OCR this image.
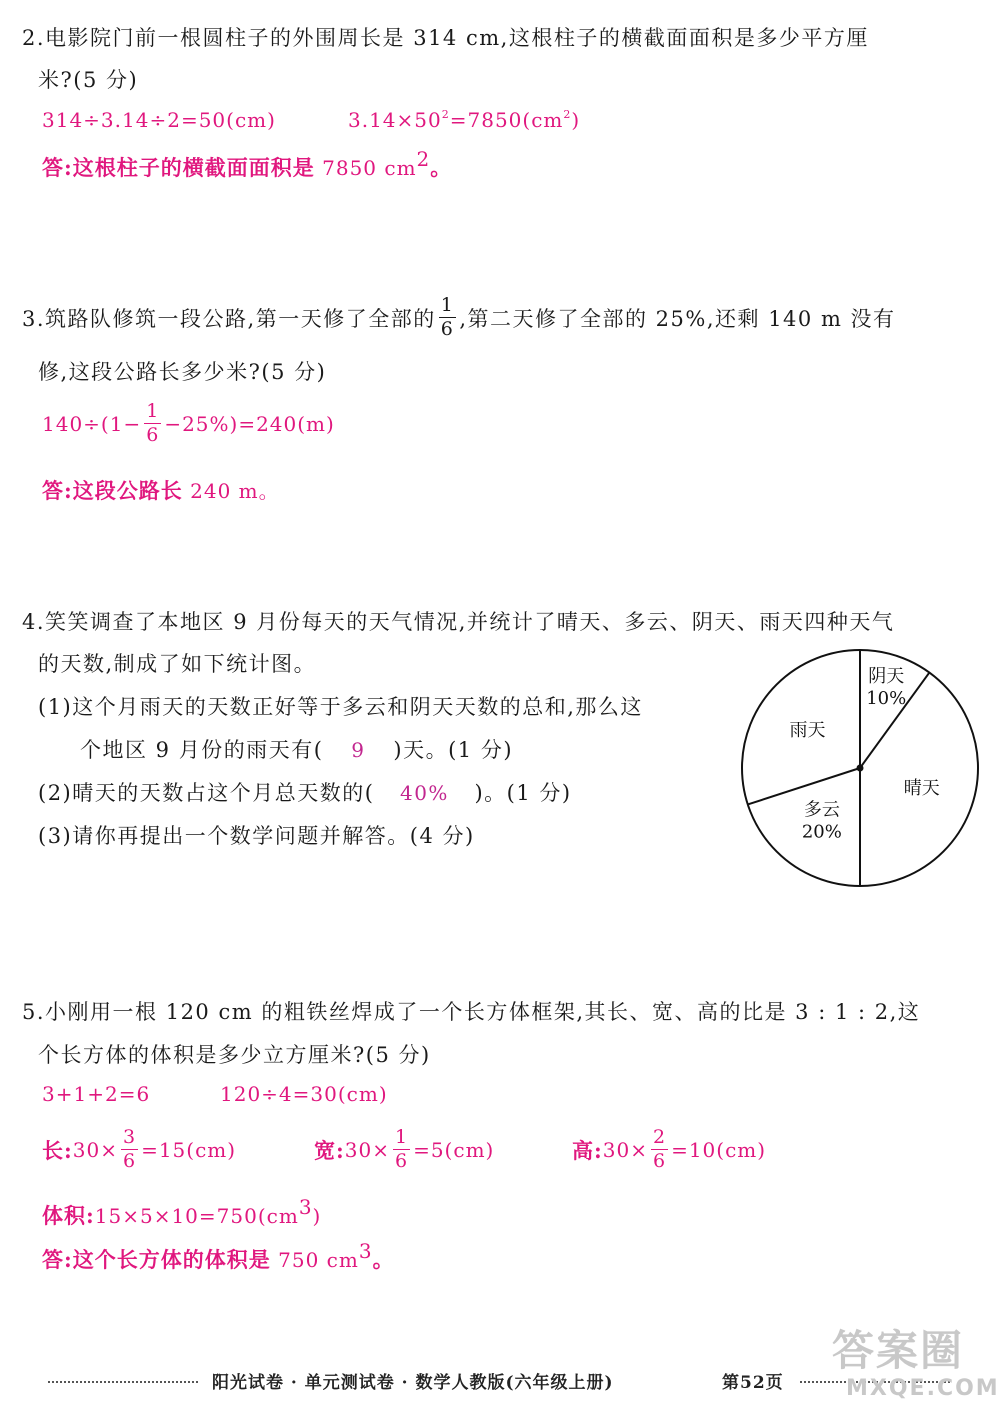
2.电影院门前一根圆柱子的外围周长是 314 cm,这根柱子的横截面面积是多少平方厘
米?(5 分)
314÷3.14÷2=50(cm)	$3.14\times 50^2=7850(cm^2)$
答:这根柱子的横截面面积是 7850 $cm^2$。
3.筑路队修筑一段公路,第一天修了全部的 $\frac{1}{6}$ ,第二天修了全部的 25%,还剩 140 m 没有
修,这段公路长多少米?(5 分)
$140\div(1- \frac{1}{6} -25\%)=240(m)$
答:这段公路长 240 m。
4.笑笑调查了本地区 9 月份每天的天气情况,并统计了晴天、多云、阴天、雨天四种天气
的天数,制成了如下统计图。
(1)这个月雨天的天数正好等于多云和阴天天数的总和,那么这
个地区 9 月份的雨天有( 9 )天。(1 分)
(2)晴天的天数占这个月总天数的( 40% )。(1 分)
(3)请你再提出一个数学问题并解答。(4 分)
阴天
10%
晴天
多云
20%
雨天
5.小刚用一根 120 cm 的粗铁丝焊成了一个长方体框架,其长、宽、高的比是 3 : 1 : 2,这
个长方体的体积是多少立方厘米?(5 分)
3+1+2=6	120÷4=30(cm)
长: $30\times \frac{3}{6} =15(cm)$	宽: $30\times \frac{1}{6} =5(cm)$	高: $30\times \frac{2}{6} =10(cm)$
体积$:15\times 5\times 10=750(cm^3)$
答:这个长方体的体积是 750 $cm^3$。
阳光试卷 · 单元测试卷 · 数学人教版(六年级上册)	第52页
答案圈
MXQE.COM
